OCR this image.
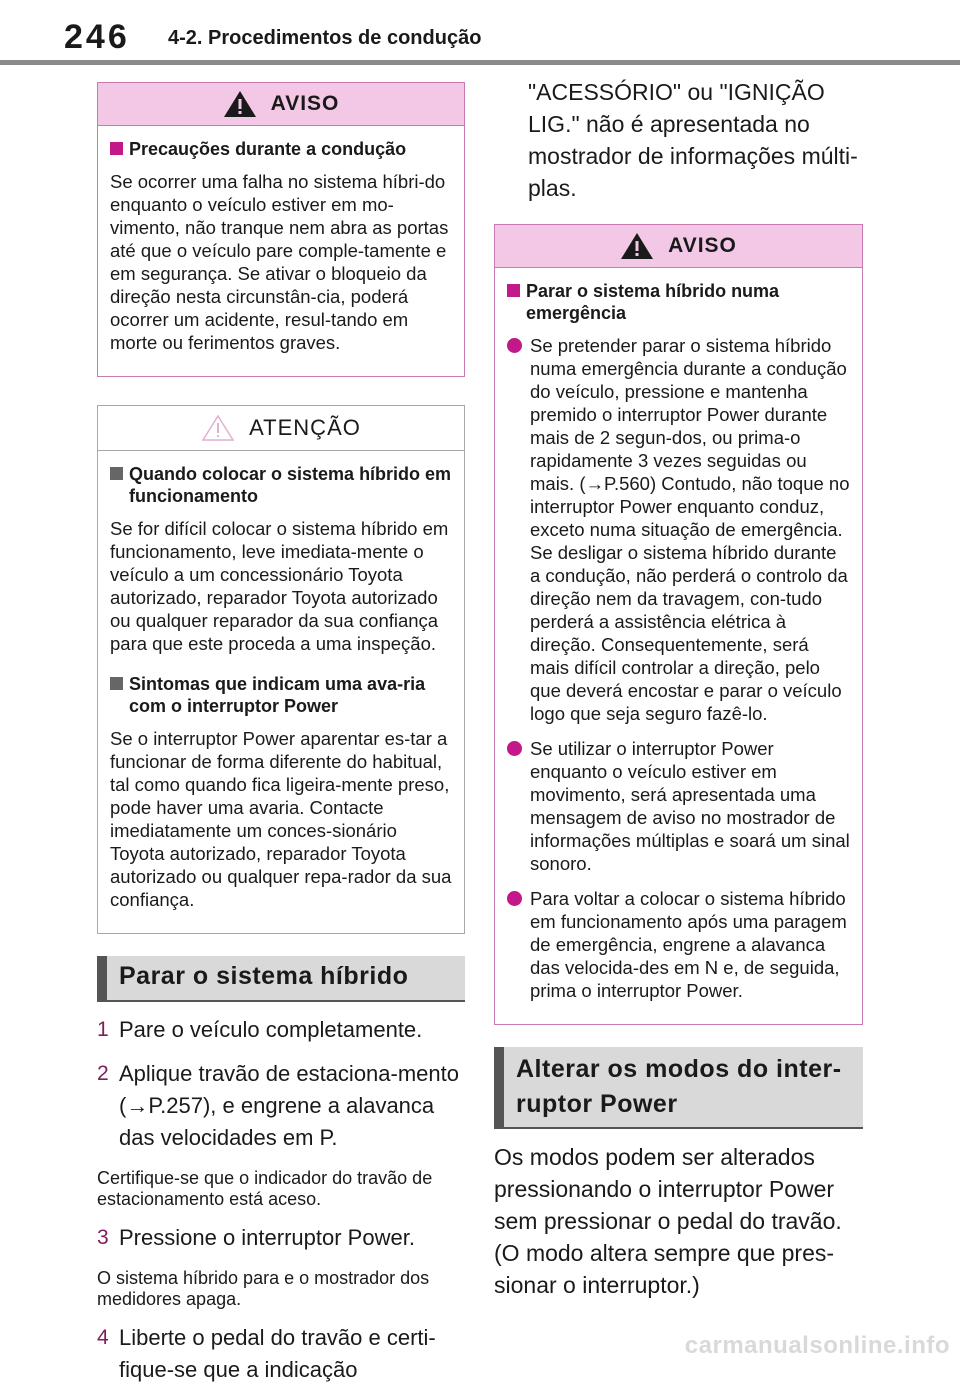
246 4-2. Procedimentos de condução
AVISO
Precauções durante a condução
Se ocorrer uma falha no sistema híbri-do enquanto o veículo estiver em mo-vimento, não tranque nem abra as portas até que o veículo pare comple-tamente e em segurança. Se ativar o bloqueio da direção nesta circunstân-cia, poderá ocorrer um acidente, resul-tando em morte ou ferimentos graves.
ATENÇÃO
Quando colocar o sistema híbrido em funcionamento
Se for difícil colocar o sistema híbrido em funcionamento, leve imediata-mente o veículo a um concessionário Toyota autorizado, reparador Toyota autorizado ou qualquer reparador da sua confiança para que este proceda a uma inspeção.
Sintomas que indicam uma ava-ria com o interruptor Power
Se o interruptor Power aparentar es-tar a funcionar de forma diferente do habitual, tal como quando fica ligeira-mente preso, pode haver uma avaria. Contacte imediatamente um conces-sionário Toyota autorizado, reparador Toyota autorizado ou qualquer repa-rador da sua confiança.
Parar o sistema híbrido
1 Pare o veículo completamente.
2 Aplique travão de estaciona-mento (→P.257), e engrene a alavanca das velocidades em P.
Certifique-se que o indicador do travão de estacionamento está aceso.
3 Pressione o interruptor Power.
O sistema híbrido para e o mostrador dos medidores apaga.
4 Liberte o pedal do travão e certi-fique-se que a indicação
"ACESSÓRIO" ou "IGNIÇÃO LIG." não é apresentada no mostrador de informações múlti-plas.
AVISO
Parar o sistema híbrido numa emergência
Se pretender parar o sistema híbrido numa emergência durante a condução do veículo, pressione e mantenha premido o interruptor Power durante mais de 2 segun-dos, ou prima-o rapidamente 3 vezes seguidas ou mais. (→P.560) Contudo, não toque no interruptor Power enquanto conduz, exceto numa situação de emergência. Se desligar o sistema híbrido durante a condução, não perderá o controlo da direção nem da travagem, con-tudo perderá a assistência elétrica à direção. Consequentemente, será mais difícil controlar a direção, pelo que deverá encostar e parar o veículo logo que seja seguro fazê-lo.
Se utilizar o interruptor Power enquanto o veículo estiver em movimento, será apresentada uma mensagem de aviso no mostrador de informações múltiplas e soará um sinal sonoro.
Para voltar a colocar o sistema híbrido em funcionamento após uma paragem de emergência, engrene a alavanca das velocida-des em N e, de seguida, prima o interruptor Power.
Alterar os modos do inter-ruptor Power
Os modos podem ser alterados pressionando o interruptor Power sem pressionar o pedal do travão. (O modo altera sempre que pres-sionar o interruptor.)
carmanualsonline.info
